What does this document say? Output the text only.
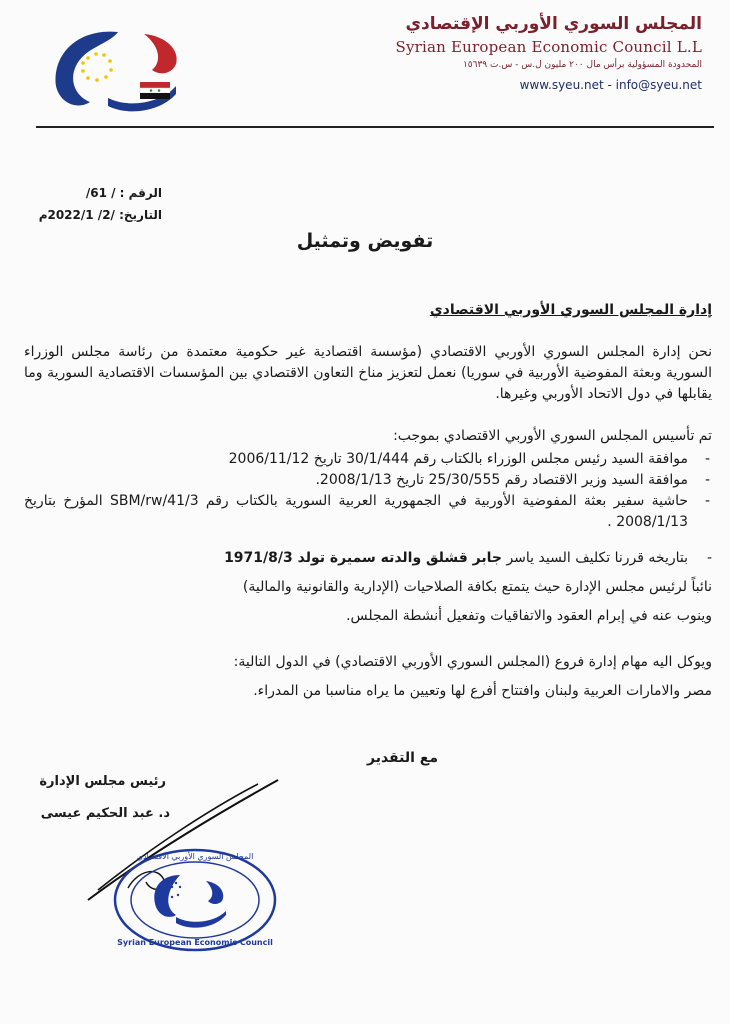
المجلس السوري الأوربي الإقتصادي
Syrian European Economic Council L.L
المحدودة المسؤولية برأس مال ٢٠٠ مليون ل.س - س.ت ١٥٦٣٩
www.syeu.net - info@syeu.net
الرقم : / 61/
التاريخ: /2/ 2022/1م
تفويض وتمثيل
إدارة المجلس السوري الأوربي الاقتصادي
نحن إدارة المجلس السوري الأوربي الاقتصادي (مؤسسة اقتصادية غير حكومية معتمدة من رئاسة مجلس الوزراء السورية وبعثة المفوضية الأوربية في سوريا) نعمل لتعزيز مناخ التعاون الاقتصادي بين المؤسسات الاقتصادية السورية وما يقابلها في دول الاتحاد الأوربي وغيرها.
تم تأسيس المجلس السوري الأوربي الاقتصادي بموجب:
- موافقة السيد رئيس مجلس الوزراء بالكتاب رقم 30/1/444 تاريخ 2006/11/12
- موافقة السيد وزير الاقتصاد رقم 25/30/555 تاريخ 2008/1/13.
- حاشية سفير بعثة المفوضية الأوربية في الجمهورية العربية السورية بالكتاب رقم SBM/rw/41/3 المؤرخ بتاريخ 2008/1/13 .
- بتاريخه قررنا تكليف السيد ياسر جابر قشلق والدته سميرة تولد 1971/8/3
نائباً لرئيس مجلس الإدارة حيث يتمتع بكافة الصلاحيات (الإدارية والقانونية والمالية)
وينوب عنه في إبرام العقود والاتفاقيات وتفعيل أنشطة المجلس.
ويوكل اليه مهام إدارة فروع (المجلس السوري الأوربي الاقتصادي) في الدول التالية:
مصر والامارات العربية ولبنان وافتتاح أفرع لها وتعيين ما يراه مناسبا من المدراء.
مع التقدير
رئيس مجلس الإدارة
د. عبد الحكيم عيسى
المجلس السوري الأوربي الاقتصادي
Syrian European Economic Council
